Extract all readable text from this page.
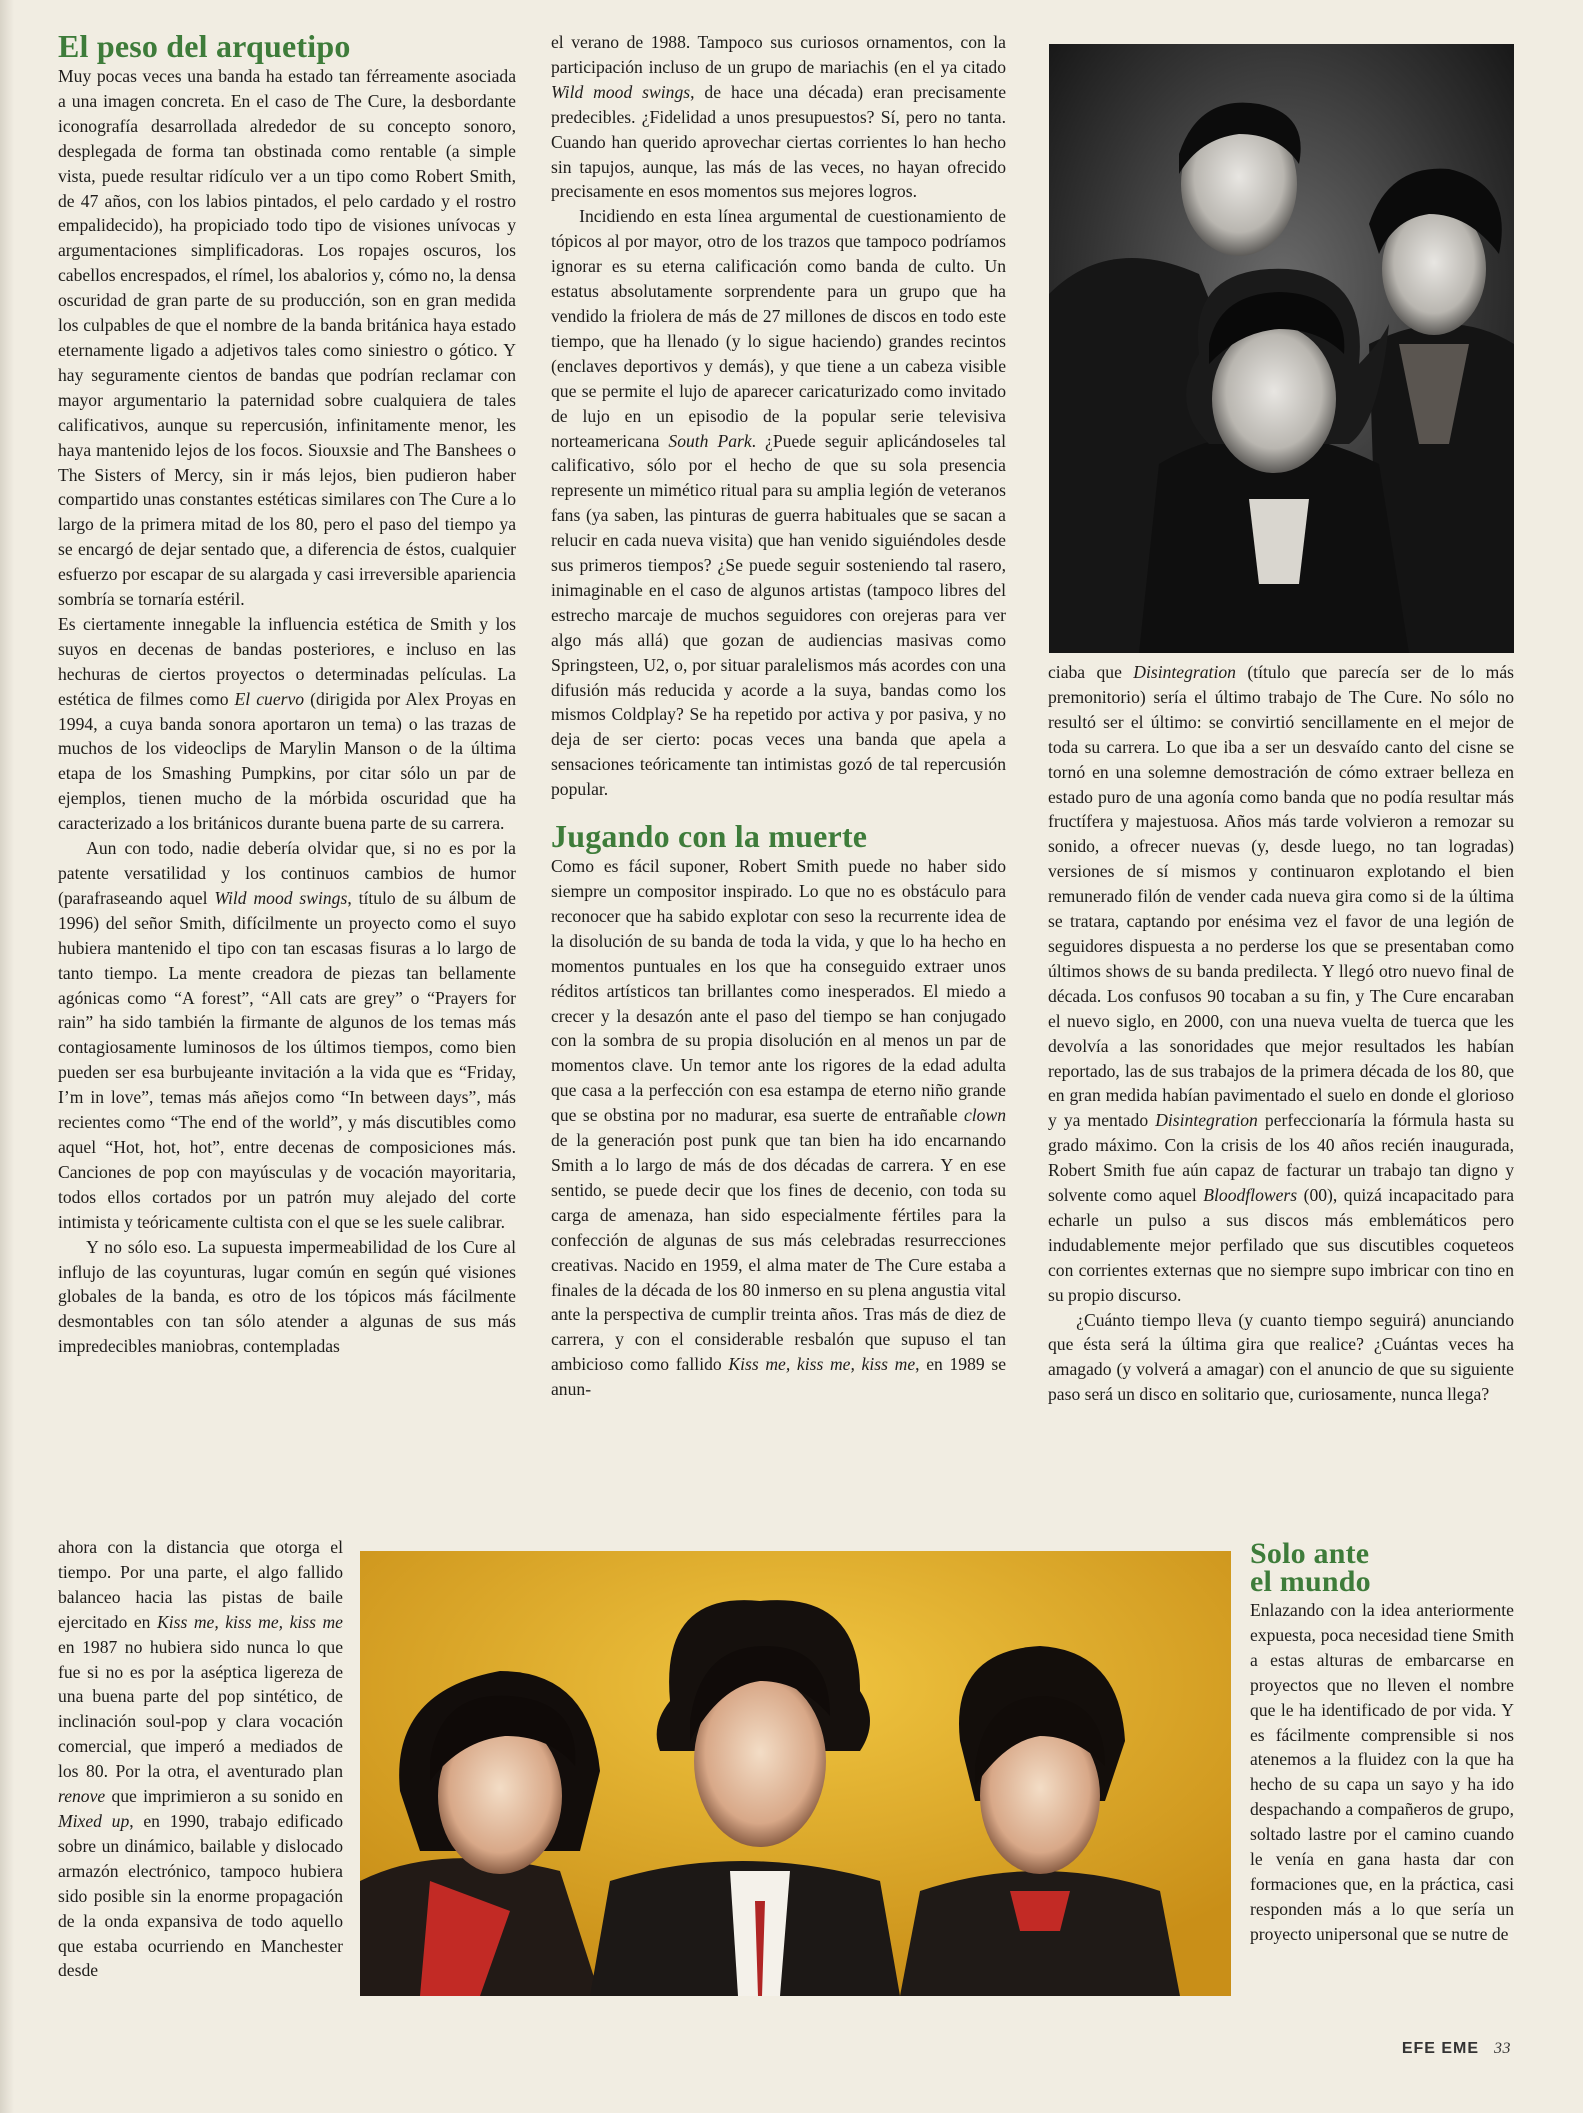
El peso del arquetipo

Muy pocas veces una banda ha estado tan férreamente asociada a una imagen concreta. En el caso de The Cure, la desbordante iconografía desarrollada alrededor de su concepto sonoro, desplegada de forma tan obstinada como rentable (a simple vista, puede resultar ridículo ver a un tipo como Robert Smith, de 47 años, con los labios pintados, el pelo cardado y el rostro empalidecido), ha propiciado todo tipo de visiones unívocas y argumentaciones simplificadoras. Los ropajes oscuros, los cabellos encrespados, el rímel, los abalorios y, cómo no, la densa oscuridad de gran parte de su producción, son en gran medida los culpables de que el nombre de la banda británica haya estado eternamente ligado a adjetivos tales como siniestro o gótico. Y hay seguramente cientos de bandas que podrían reclamar con mayor argumentario la paternidad sobre cualquiera de tales calificativos, aunque su repercusión, infinitamente menor, les haya mantenido lejos de los focos. Siouxsie and The Banshees o The Sisters of Mercy, sin ir más lejos, bien pudieron haber compartido unas constantes estéticas similares con The Cure a lo largo de la primera mitad de los 80, pero el paso del tiempo ya se encargó de dejar sentado que, a diferencia de éstos, cualquier esfuerzo por escapar de su alargada y casi irreversible apariencia sombría se tornaría estéril.

Es ciertamente innegable la influencia estética de Smith y los suyos en decenas de bandas posteriores, e incluso en las hechuras de ciertos proyectos o determinadas películas. La estética de filmes como El cuervo (dirigida por Alex Proyas en 1994, a cuya banda sonora aportaron un tema) o las trazas de muchos de los videoclips de Marylin Manson o de la última etapa de los Smashing Pumpkins, por citar sólo un par de ejemplos, tienen mucho de la mórbida oscuridad que ha caracterizado a los británicos durante buena parte de su carrera.

Aun con todo, nadie debería olvidar que, si no es por la patente versatilidad y los continuos cambios de humor (parafraseando aquel Wild mood swings, título de su álbum de 1996) del señor Smith, difícilmente un proyecto como el suyo hubiera mantenido el tipo con tan escasas fisuras a lo largo de tanto tiempo. La mente creadora de piezas tan bellamente agónicas como “A forest”, “All cats are grey” o “Prayers for rain” ha sido también la firmante de algunos de los temas más contagiosamente luminosos de los últimos tiempos, como bien pueden ser esa burbujeante invitación a la vida que es “Friday, I’m in love”, temas más añejos como “In between days”, más recientes como “The end of the world”, y más discutibles como aquel “Hot, hot, hot”, entre decenas de composiciones más. Canciones de pop con mayúsculas y de vocación mayoritaria, todos ellos cortados por un patrón muy alejado del corte intimista y teóricamente cultista con el que se les suele calibrar.

Y no sólo eso. La supuesta impermeabilidad de los Cure al influjo de las coyunturas, lugar común en según qué visiones globales de la banda, es otro de los tópicos más fácilmente desmontables con tan sólo atender a algunas de sus más impredecibles maniobras, contempladas

ahora con la distancia que otorga el tiempo. Por una parte, el algo fallido balanceo hacia las pistas de baile ejercitado en Kiss me, kiss me, kiss me en 1987 no hubiera sido nunca lo que fue si no es por la aséptica ligereza de una buena parte del pop sintético, de inclinación soul-pop y clara vocación comercial, que imperó a mediados de los 80. Por la otra, el aventurado plan renove que imprimieron a su sonido en Mixed up, en 1990, trabajo edificado sobre un dinámico, bailable y dislocado armazón electrónico, tampoco hubiera sido posible sin la enorme propagación de la onda expansiva de todo aquello que estaba ocurriendo en Manchester desde

el verano de 1988. Tampoco sus curiosos ornamentos, con la participación incluso de un grupo de mariachis (en el ya citado Wild mood swings, de hace una década) eran precisamente predecibles. ¿Fidelidad a unos presupuestos? Sí, pero no tanta. Cuando han querido aprovechar ciertas corrientes lo han hecho sin tapujos, aunque, las más de las veces, no hayan ofrecido precisamente en esos momentos sus mejores logros.

Incidiendo en esta línea argumental de cuestionamiento de tópicos al por mayor, otro de los trazos que tampoco podríamos ignorar es su eterna calificación como banda de culto. Un estatus absolutamente sorprendente para un grupo que ha vendido la friolera de más de 27 millones de discos en todo este tiempo, que ha llenado (y lo sigue haciendo) grandes recintos (enclaves deportivos y demás), y que tiene a un cabeza visible que se permite el lujo de aparecer caricaturizado como invitado de lujo en un episodio de la popular serie televisiva norteamericana South Park. ¿Puede seguir aplicándoseles tal calificativo, sólo por el hecho de que su sola presencia represente un mimético ritual para su amplia legión de veteranos fans (ya saben, las pinturas de guerra habituales que se sacan a relucir en cada nueva visita) que han venido siguiéndoles desde sus primeros tiempos? ¿Se puede seguir sosteniendo tal rasero, inimaginable en el caso de algunos artistas (tampoco libres del estrecho marcaje de muchos seguidores con orejeras para ver algo más allá) que gozan de audiencias masivas como Springsteen, U2, o, por situar paralelismos más acordes con una difusión más reducida y acorde a la suya, bandas como los mismos Coldplay? Se ha repetido por activa y por pasiva, y no deja de ser cierto: pocas veces una banda que apela a sensaciones teóricamente tan intimistas gozó de tal repercusión popular.

Jugando con la muerte

Como es fácil suponer, Robert Smith puede no haber sido siempre un compositor inspirado. Lo que no es obstáculo para reconocer que ha sabido explotar con seso la recurrente idea de la disolución de su banda de toda la vida, y que lo ha hecho en momentos puntuales en los que ha conseguido extraer unos réditos artísticos tan brillantes como inesperados. El miedo a crecer y la desazón ante el paso del tiempo se han conjugado con la sombra de su propia disolución en al menos un par de momentos clave. Un temor ante los rigores de la edad adulta que casa a la perfección con esa estampa de eterno niño grande que se obstina por no madurar, esa suerte de entrañable clown de la generación post punk que tan bien ha ido encarnando Smith a lo largo de más de dos décadas de carrera. Y en ese sentido, se puede decir que los fines de decenio, con toda su carga de amenaza, han sido especialmente fértiles para la confección de algunas de sus más celebradas resurrecciones creativas. Nacido en 1959, el alma mater de The Cure estaba a finales de la década de los 80 inmerso en su plena angustia vital ante la perspectiva de cumplir treinta años. Tras más de diez de carrera, y con el considerable resbalón que supuso el tan ambicioso como fallido Kiss me, kiss me, kiss me, en 1989 se anun-

ciaba que Disintegration (título que parecía ser de lo más premonitorio) sería el último trabajo de The Cure. No sólo no resultó ser el último: se convirtió sencillamente en el mejor de toda su carrera. Lo que iba a ser un desvaído canto del cisne se tornó en una solemne demostración de cómo extraer belleza en estado puro de una agonía como banda que no podía resultar más fructífera y majestuosa. Años más tarde volvieron a remozar su sonido, a ofrecer nuevas (y, desde luego, no tan logradas) versiones de sí mismos y continuaron explotando el bien remunerado filón de vender cada nueva gira como si de la última se tratara, captando por enésima vez el favor de una legión de seguidores dispuesta a no perderse los que se presentaban como últimos shows de su banda predilecta. Y llegó otro nuevo final de década. Los confusos 90 tocaban a su fin, y The Cure encaraban el nuevo siglo, en 2000, con una nueva vuelta de tuerca que les devolvía a las sonoridades que mejor resultados les habían reportado, las de sus trabajos de la primera década de los 80, que en gran medida habían pavimentado el suelo en donde el glorioso y ya mentado Disintegration perfeccionaría la fórmula hasta su grado máximo. Con la crisis de los 40 años recién inaugurada, Robert Smith fue aún capaz de facturar un trabajo tan digno y solvente como aquel Bloodflowers (00), quizá incapacitado para echarle un pulso a sus discos más emblemáticos pero indudablemente mejor perfilado que sus discutibles coqueteos con corrientes externas que no siempre supo imbricar con tino en su propio discurso.

¿Cuánto tiempo lleva (y cuanto tiempo seguirá) anunciando que ésta será la última gira que realice? ¿Cuántas veces ha amagado (y volverá a amagar) con el anuncio de que su siguiente paso será un disco en solitario que, curiosamente, nunca llega?

Solo ante
el mundo

Enlazando con la idea anteriormente expuesta, poca necesidad tiene Smith a estas alturas de embarcarse en proyectos que no lleven el nombre que le ha identificado de por vida. Y es fácilmente comprensible si nos atenemos a la fluidez con la que ha hecho de su capa un sayo y ha ido despachando a compañeros de grupo, soltado lastre por el camino cuando le venía en gana hasta dar con formaciones que, en la práctica, casi responden más a lo que sería un proyecto unipersonal que se nutre de

EFE EME 33
